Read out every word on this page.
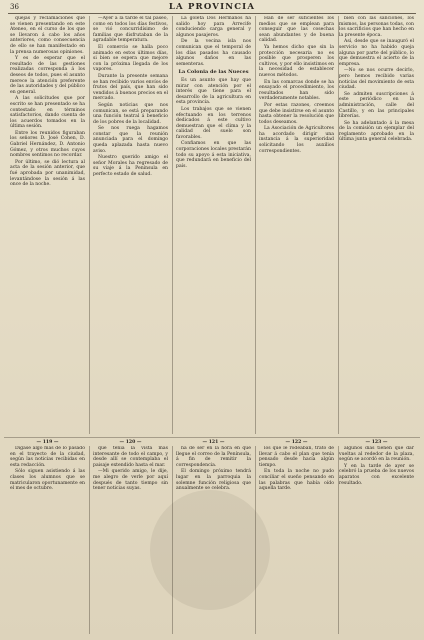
36	LA PROVINCIA

quejas y reclamaciones que se vienen presentando en este Ateneo, en el curso de los que se llevaron á cabo los años anteriores, como consecuencia de ello se han manifestado en la prensa numerosas opiniones.

Y es de esperar que el resultado de las gestiones realizadas corresponda á los deseos de todos, pues el asunto merece la atención preferente de las autoridades y del público en general.

A las solicitudes que por escrito se han presentado se ha contestado en términos satisfactorios, dando cuenta de los acuerdos tomados en la última sesión.

Entre los reunidos figuraban los señores D. José Cohen, D. Gabriel Hernández, D. Antonio Gómez, y otros muchos cuyos nombres sentimos no recordar.

Por último, se dió lectura al acta de la sesión anterior, que fué aprobada por unanimidad, levantándose la sesión á las once de la noche.

—Ayer á la tarde el tal paseo, como en todos los días festivos, se vió concurridísimo de familias que disfrutaban de la agradable temperatura.

El comercio se halla poco animado en estos últimos días, si bien se espera que mejore con la próxima llegada de los vapores.

Durante la presente semana se han recibido varios envíos de frutos del país, que han sido vendidos á buenos precios en el mercado.

Según noticias que nos comunican, se está preparando una función teatral á beneficio de los pobres de la localidad.

Se nos ruega hagamos constar que la reunión anunciada para el domingo queda aplazada hasta nuevo aviso.

Nuestro querido amigo el señor Morales ha regresado de su viaje á la Península en perfecto estado de salud.

La goleta Dos Hermanos ha salido hoy para Arrecife conduciendo carga general y algunos pasajeros.

De la vecina isla nos comunican que el temporal de los días pasados ha causado algunos daños en las sementeras.

La Colonia de las Nueces

Es un asunto que hay que mirar con atención por el interés que tiene para el desarrollo de la agricultura en esta provincia.

Los trabajos que se vienen efectuando en los terrenos dedicados á este cultivo demuestran que el clima y la calidad del suelo son favorables.

Confiamos en que las corporaciones locales prestarán todo su apoyo á esta iniciativa, que redundará en beneficio del país.

Han de ser suficientes los medios que se emplean para conseguir que las cosechas sean abundantes y de buena calidad.

Ya hemos dicho que sin la protección necesaria no es posible que prosperen los cultivos, y por ello insistimos en la necesidad de establecer nuevos métodos.

En las comarcas donde se ha ensayado el procedimiento, los resultados han sido verdaderamente notables.

Por estas razones, creemos que debe insistirse en el asunto hasta obtener la resolución que todos deseamos.

La Asociación de Agricultores ha acordado dirigir una instancia á la superioridad solicitando los auxilios correspondientes.

bien con las sanciones, los mismos, las personas todas, con los sacrificios que han hecho en la presente época.

Así, desde que se inauguró el servicio no ha habido queja alguna por parte del público, lo que demuestra el acierto de la empresa.

—No se nos ocurre decirlo, pero hemos recibido varias noticias del movimiento de esta ciudad.

Se admiten suscripciones á este periódico en la administración, calle del Castillo, y en las principales librerías.

Se ha adelantado á la mesa de la comisión un ejemplar del reglamento aprobado en la última junta general celebrada.

— 119 —	— 120 —	— 121 —	— 122 —	— 123 —

Dígase algo más de lo pasado en el trayecto de la ciudad, según las noticias recibidas en esta redacción.

Sólo siguen asistiendo á las clases los alumnos que se matricularon oportunamente en el mes de octubre.

que tenía la vista más interesante de todo el campo, y desde allí se contemplaba el paisaje extendido hasta el mar.

—Mi querido amigo, le dije, me alegro de verle por aquí después de tanto tiempo sin tener noticias suyas.

ha de ser en la hora en que llegue el correo de la Península, á fin de remitir la correspondencia.

El domingo próximo tendrá lugar en la parroquia la solemne función religiosa que anualmente se celebra.

los que le rodeaban, trató de llevar á cabo el plan que tenía pensado desde hacía algún tiempo.

En toda la noche no pudo conciliar el sueño pensando en las palabras que había oído aquella tarde.

algunos días tienen que dar vueltas al rededor de la plaza, según se acordó en la reunión.

Y en la tarde de ayer se celebró la prueba de los nuevos aparatos con excelente resultado.
